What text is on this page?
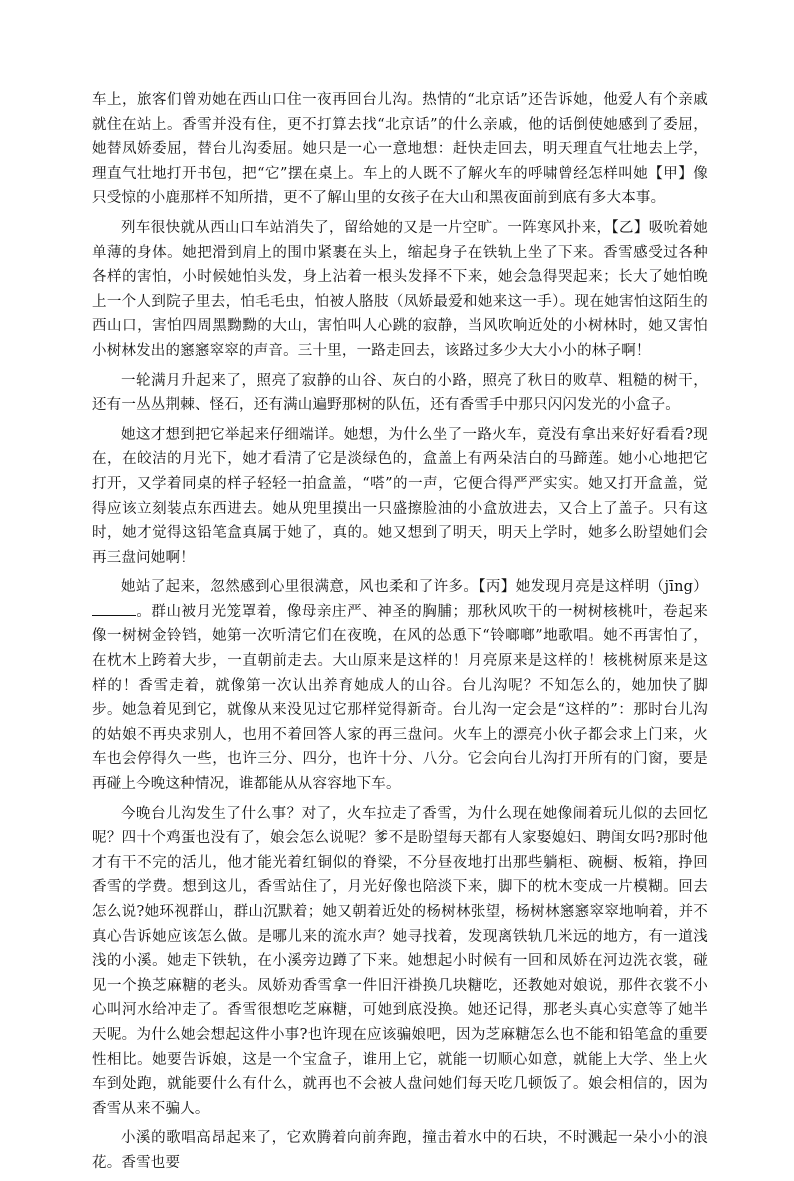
车上，旅客们曾劝她在西山口住一夜再回台儿沟。热情的“北京话”还告诉她，他爱人有个亲戚就住在站上。香雪并没有住，更不打算去找“北京话”的什么亲戚，他的话倒使她感到了委屈，她替凤娇委屈，替台儿沟委屈。她只是一心一意地想：赶快走回去，明天理直气壮地去上学，理直气壮地打开书包，把“它”摆在桌上。车上的人既不了解火车的呼啸曾经怎样叫她【甲】像只受惊的小鹿那样不知所措，更不了解山里的女孩子在大山和黑夜面前到底有多大本事。

列车很快就从西山口车站消失了，留给她的又是一片空旷。一阵寒风扑来，【乙】吸吮着她单薄的身体。她把滑到肩上的围巾紧裹在头上，缩起身子在铁轨上坐了下来。香雪感受过各种各样的害怕，小时候她怕头发，身上沾着一根头发择不下来，她会急得哭起来；长大了她怕晚上一个人到院子里去，怕毛毛虫，怕被人胳肢（凤娇最爱和她来这一手）。现在她害怕这陌生的西山口，害怕四周黑黝黝的大山，害怕叫人心跳的寂静，当风吹响近处的小树林时，她又害怕小树林发出的窸窸窣窣的声音。三十里，一路走回去，该路过多少大大小小的林子啊！

一轮满月升起来了，照亮了寂静的山谷、灰白的小路，照亮了秋日的败草、粗糙的树干，还有一丛丛荆棘、怪石，还有满山遍野那树的队伍，还有香雪手中那只闪闪发光的小盒子。

她这才想到把它举起来仔细端详。她想，为什么坐了一路火车，竟没有拿出来好好看看?现在，在皎洁的月光下，她才看清了它是淡绿色的，盒盖上有两朵洁白的马蹄莲。她小心地把它打开，又学着同桌的样子轻轻一拍盒盖，“嗒”的一声，它便合得严严实实。她又打开盒盖，觉得应该立刻装点东西进去。她从兜里摸出一只盛擦脸油的小盒放进去，又合上了盖子。只有这时，她才觉得这铅笔盒真属于她了，真的。她又想到了明天，明天上学时，她多么盼望她们会再三盘问她啊！

她站了起来，忽然感到心里很满意，风也柔和了许多。【丙】她发现月亮是这样明（jīng）。群山被月光笼罩着，像母亲庄严、神圣的胸脯；那秋风吹干的一树树核桃叶，卷起来像一树树金铃铛，她第一次听清它们在夜晚，在风的怂恿下“铃啷啷”地歌唱。她不再害怕了，在枕木上跨着大步，一直朝前走去。大山原来是这样的！月亮原来是这样的！核桃树原来是这样的！香雪走着，就像第一次认出养育她成人的山谷。台儿沟呢？不知怎么的，她加快了脚步。她急着见到它，就像从来没见过它那样觉得新奇。台儿沟一定会是“这样的”：那时台儿沟的姑娘不再央求别人，也用不着回答人家的再三盘问。火车上的漂亮小伙子都会求上门来，火车也会停得久一些，也许三分、四分，也许十分、八分。它会向台儿沟打开所有的门窗，要是再碰上今晚这种情况，谁都能从从容容地下车。

今晚台儿沟发生了什么事？对了，火车拉走了香雪，为什么现在她像闹着玩儿似的去回忆呢？四十个鸡蛋也没有了，娘会怎么说呢？爹不是盼望每天都有人家娶媳妇、聘闺女吗?那时他才有干不完的活儿，他才能光着红铜似的脊梁，不分昼夜地打出那些躺柜、碗橱、板箱，挣回香雪的学费。想到这儿，香雪站住了，月光好像也陪淡下来，脚下的枕木变成一片模糊。回去怎么说?她环视群山，群山沉默着；她又朝着近处的杨树林张望，杨树林窸窸窣窣地响着，并不真心告诉她应该怎么做。是哪儿来的流水声？她寻找着，发现离铁轨几米远的地方，有一道浅浅的小溪。她走下铁轨，在小溪旁边蹲了下来。她想起小时候有一回和凤娇在河边洗衣裳，碰见一个换芝麻糖的老头。凤娇劝香雪拿一件旧汗褂换几块糖吃，还教她对娘说，那件衣裳不小心叫河水给冲走了。香雪很想吃芝麻糖，可她到底没换。她还记得，那老头真心实意等了她半天呢。为什么她会想起这件小事?也许现在应该骗娘吧，因为芝麻糖怎么也不能和铅笔盒的重要性相比。她要告诉娘，这是一个宝盒子，谁用上它，就能一切顺心如意，就能上大学、坐上火车到处跑，就能要什么有什么，就再也不会被人盘问她们每天吃几顿饭了。娘会相信的，因为香雪从来不骗人。

小溪的歌唱高昂起来了，它欢腾着向前奔跑，撞击着水中的石块，不时溅起一朵小小的浪花。香雪也要
